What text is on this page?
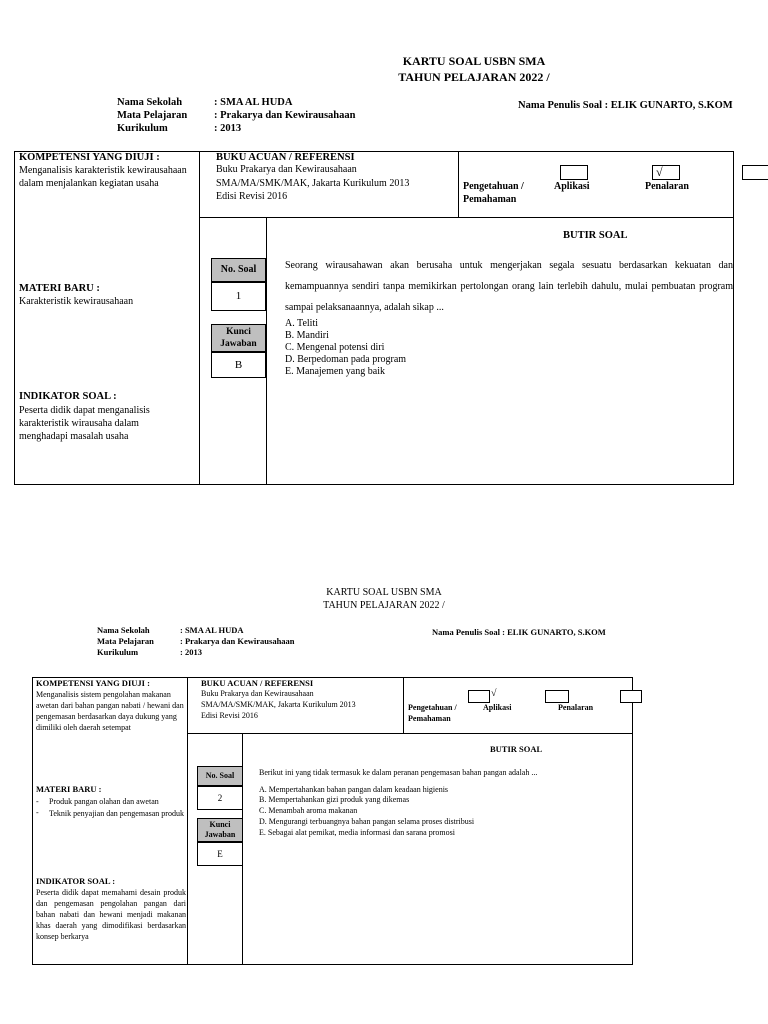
KARTU SOAL USBN SMA
TAHUN PELAJARAN 2022 /
Nama Sekolah
Mata Pelajaran
Kurikulum
: SMA AL HUDA
: Prakarya dan Kewirausahaan
: 2013
Nama Penulis Soal : ELIK GUNARTO, S.KOM
KOMPETENSI YANG DIUJI :
Menganalisis karakteristik kewirausahaan dalam menjalankan kegiatan usaha
BUKU ACUAN / REFERENSI
Buku Prakarya dan Kewirausahaan
SMA/MA/SMK/MAK, Jakarta Kurikulum 2013
Edisi Revisi 2016
√
Pengetahuan /
Pemahaman
Aplikasi	Penalaran
MATERI BARU :
Karakteristik kewirausahaan
INDIKATOR SOAL :
Peserta didik dapat menganalisis karakteristik wirausaha dalam menghadapi masalah usaha
BUTIR SOAL
No. Soal
1
Kunci Jawaban
B
Seorang wirausahawan akan berusaha untuk mengerjakan segala sesuatu berdasarkan kekuatan dan kemampuannya sendiri tanpa memikirkan pertolongan orang lain terlebih dahulu, mulai pembuatan program sampai pelaksanaannya, adalah sikap ...
A. Teliti
B. Mandiri
C. Mengenal potensi diri
D. Berpedoman pada program
E. Manajemen yang baik
KARTU SOAL USBN SMA
TAHUN PELAJARAN 2022 /
Nama Sekolah
Mata Pelajaran
Kurikulum
: SMA AL HUDA
: Prakarya dan Kewirausahaan
: 2013
Nama Penulis Soal : ELIK GUNARTO, S.KOM
KOMPETENSI YANG DIUJI :
Menganalisis sistem pengolahan makanan awetan dari bahan pangan nabati / hewani dan pengemasan berdasarkan daya dukung yang dimiliki oleh daerah setempat
BUKU ACUAN / REFERENSI
Buku Prakarya dan Kewirausahaan
SMA/MA/SMK/MAK, Jakarta Kurikulum 2013
Edisi Revisi 2016
√
Pengetahuan /
Pemahaman
Aplikasi	Penalaran
MATERI BARU :
- Produk pangan olahan dan awetan
- Teknik penyajian dan pengemasan produk
INDIKATOR SOAL :
Peserta didik dapat memahami desain produk dan pengemasan pengolahan pangan dari bahan nabati dan hewani menjadi makanan khas daerah yang dimodifikasi berdasarkan konsep berkarya
BUTIR SOAL
No. Soal
2
Kunci Jawaban
E
Berikut ini yang tidak termasuk ke dalam peranan pengemasan bahan pangan adalah ...
A. Mempertahankan bahan pangan dalam keadaan higienis
B. Mempertahankan gizi produk yang dikemas
C. Menambah aroma makanan
D. Mengurangi terbuangnya bahan pangan selama proses distribusi
E. Sebagai alat pemikat, media informasi dan sarana promosi
